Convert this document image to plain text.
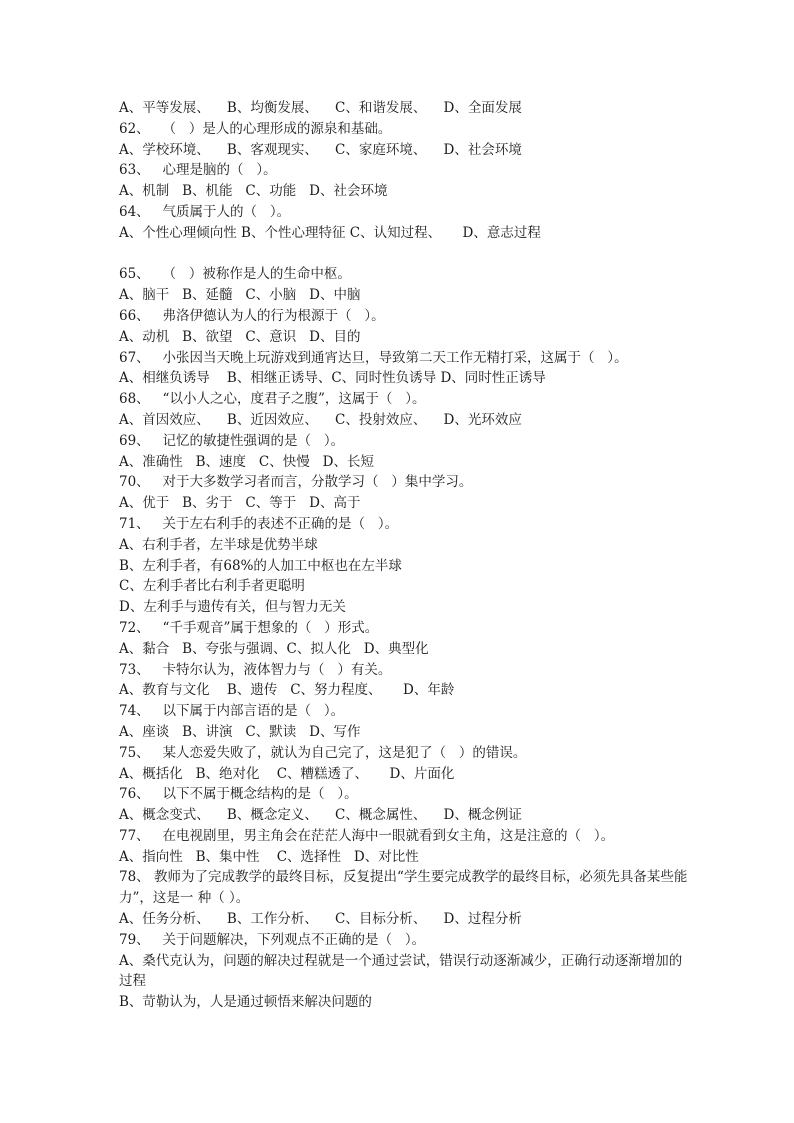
A、平等发展、    B、均衡发展、    C、和谐发展、    D、全面发展
62、   （   ）是人的心理形成的源泉和基础。
A、学校环境、    B、客观现实、    C、家庭环境、    D、社会环境
63、   心理是脑的（   ）。
A、机制   B、机能   C、功能   D、社会环境
64、   气质属于人的（   ）。
A、个性心理倾向性 B、个性心理特征 C、认知过程、     D、意志过程
65、   （   ）被称作是人的生命中枢。
A、脑干   B、延髓   C、小脑   D、中脑
66、   弗洛伊德认为人的行为根源于（   ）。
A、动机   B、欲望   C、意识   D、目的
67、   小张因当天晚上玩游戏到通宵达旦，导致第二天工作无精打采，这属于（   ）。
A、相继负诱导    B、相继正诱导、C、同时性负诱导 D、同时性正诱导
68、   “以小人之心，度君子之腹”，这属于（   ）。
A、首因效应、    B、近因效应、    C、投射效应、    D、光环效应
69、   记忆的敏捷性强调的是（   ）。
A、准确性   B、速度   C、快慢   D、长短
70、   对于大多数学习者而言，分散学习（   ）集中学习。
A、优于   B、劣于   C、等于   D、高于
71、   关于左右利手的表述不正确的是（   ）。
A、右利手者，左半球是优势半球
B、左利手者，有68%的人加工中枢也在左半球
C、左利手者比右利手者更聪明
D、左利手与遗传有关，但与智力无关
72、   “千手观音”属于想象的（   ）形式。
A、黏合   B、夸张与强调、C、拟人化   D、典型化
73、   卡特尔认为，液体智力与（   ）有关。
A、教育与文化    B、遗传   C、努力程度、     D、年龄
74、   以下属于内部言语的是（   ）。
A、座谈   B、讲演   C、默读   D、写作
75、   某人恋爱失败了，就认为自己完了，这是犯了（   ）的错误。
A、概括化   B、绝对化    C、糟糕透了、     D、片面化
76、   以下不属于概念结构的是（   ）。
A、概念变式、    B、概念定义、    C、概念属性、    D、概念例证
77、   在电视剧里，男主角会在茫茫人海中一眼就看到女主角，这是注意的（   ）。
A、指向性   B、集中性    C、选择性   D、对比性
78、 教师为了完成教学的最终目标，反复提出“学生要完成教学的最终目标，必须先具备某些能力”，这是一 种（ ）。
A、任务分析、    B、工作分析、    C、目标分析、    D、过程分析
79、   关于问题解决，下列观点不正确的是（   ）。
A、桑代克认为，问题的解决过程就是一个通过尝试，错误行动逐渐减少，正确行动逐渐增加的 过程
B、苛勒认为，人是通过顿悟来解决问题的
